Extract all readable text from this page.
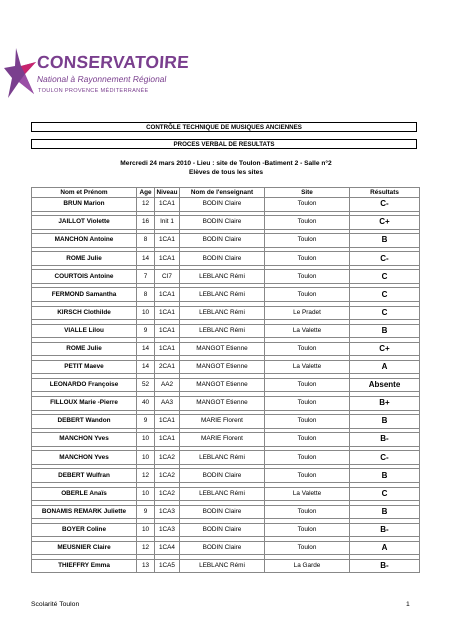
CONSERVATOIRE
National à Rayonnement Régional
TOULON PROVENCE MÉDITERRANÉE
CONTRÔLE TECHNIQUE DE MUSIQUES ANCIENNES
PROCES VERBAL DE RESULTATS
Mercredi 24 mars 2010 - Lieu : site de Toulon -Batiment 2 - Salle n°2
Elèves de tous les sites
Nom et Prénom	Age	Niveau	Nom de l'enseignant	Site	Résultats
BRUN Marion	12	1CA1	BODIN Claire	Toulon	C-

JAILLOT Violette	16	Init 1	BODIN Claire	Toulon	C+

MANCHON Antoine	8	1CA1	BODIN Claire	Toulon	B

ROME Julie	14	1CA1	BODIN Claire	Toulon	C-

COURTOIS Antoine	7	CI7	LEBLANC Rémi	Toulon	C

FERMOND Samantha	8	1CA1	LEBLANC Rémi	Toulon	C

KIRSCH Clothilde	10	1CA1	LEBLANC Rémi	Le Pradet	C

VIALLE Lilou	9	1CA1	LEBLANC Rémi	La Valette	B

ROME Julie	14	1CA1	MANGOT Etienne	Toulon	C+

PETIT Maeve	14	2CA1	MANGOT Etienne	La Valette	A

LEONARDO Françoise	52	AA2	MANGOT Etienne	Toulon	Absente

FILLOUX Marie -Pierre	40	AA3	MANGOT Etienne	Toulon	B+

DEBERT Wandon	9	1CA1	MARIE Florent	Toulon	B

MANCHON Yves	10	1CA1	MARIE Florent	Toulon	B-

MANCHON Yves	10	1CA2	LEBLANC Rémi	Toulon	C-

DEBERT Wulfran	12	1CA2	BODIN Claire	Toulon	B

OBERLE Anaïs	10	1CA2	LEBLANC Rémi	La Valette	C

BONAMIS REMARK Juliette	9	1CA3	BODIN Claire	Toulon	B

BOYER Coline	10	1CA3	BODIN Claire	Toulon	B-

MEUSNIER Claire	12	1CA4	BODIN Claire	Toulon	A

THIEFFRY Emma	13	1CA5	LEBLANC Rémi	La Garde	B-
Scolarité Toulon	1
